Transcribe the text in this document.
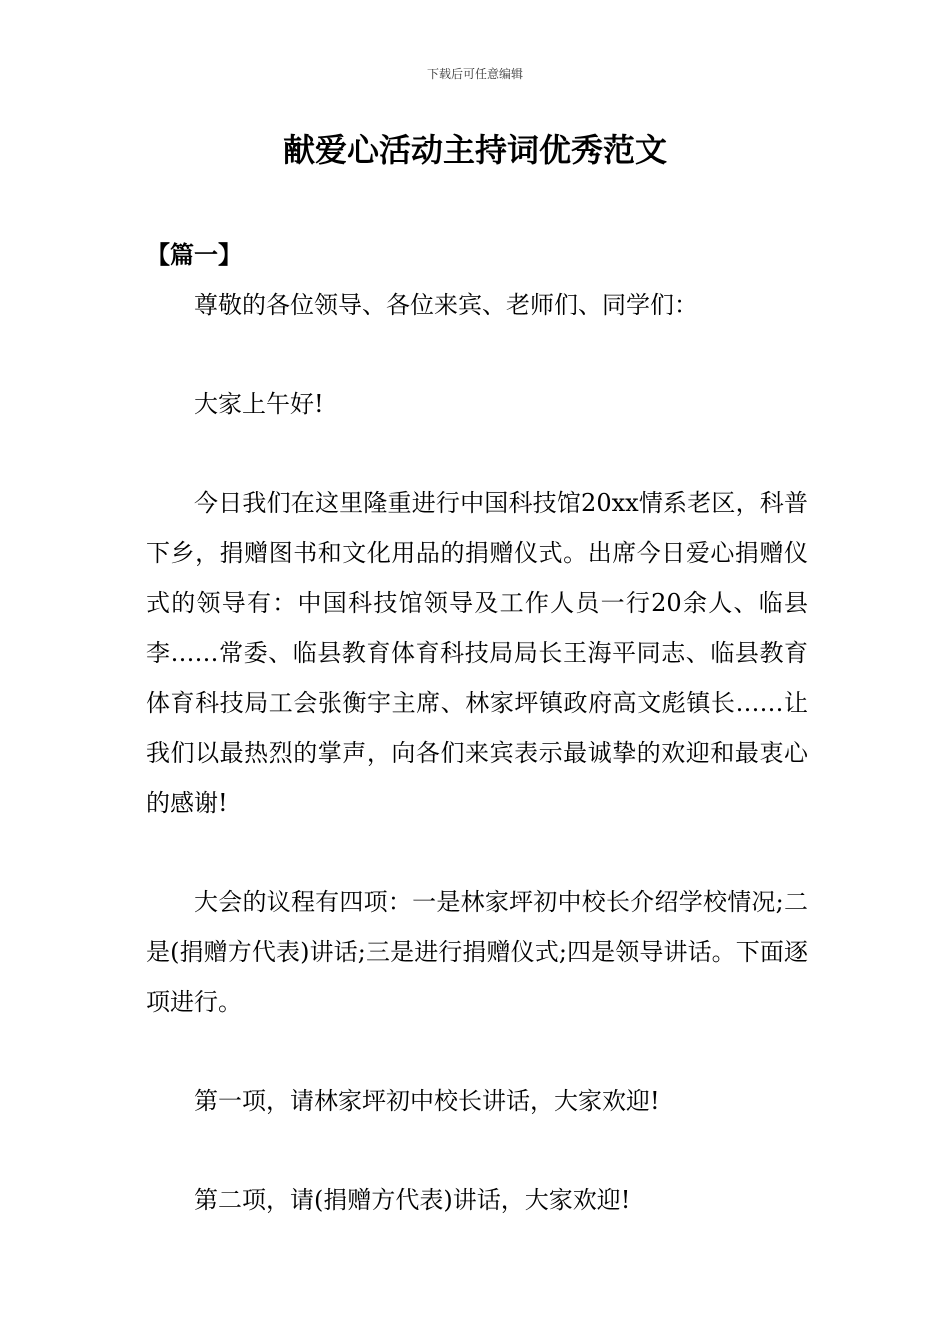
下载后可任意编辑
献爱心活动主持词优秀范文

【篇一】

尊敬的各位领导、各位来宾、老师们、同学们：

大家上午好!

今日我们在这里隆重进行中国科技馆20xx情系老区，科普下乡，捐赠图书和文化用品的捐赠仪式。出席今日爱心捐赠仪式的领导有：中国科技馆领导及工作人员一行20余人、临县李……常委、临县教育体育科技局局长王海平同志、临县教育体育科技局工会张衡宇主席、林家坪镇政府高文彪镇长……让我们以最热烈的掌声，向各们来宾表示最诚挚的欢迎和最衷心的感谢!

大会的议程有四项：一是林家坪初中校长介绍学校情况;二是(捐赠方代表)讲话;三是进行捐赠仪式;四是领导讲话。下面逐项进行。

第一项，请林家坪初中校长讲话，大家欢迎!

第二项，请(捐赠方代表)讲话，大家欢迎!
